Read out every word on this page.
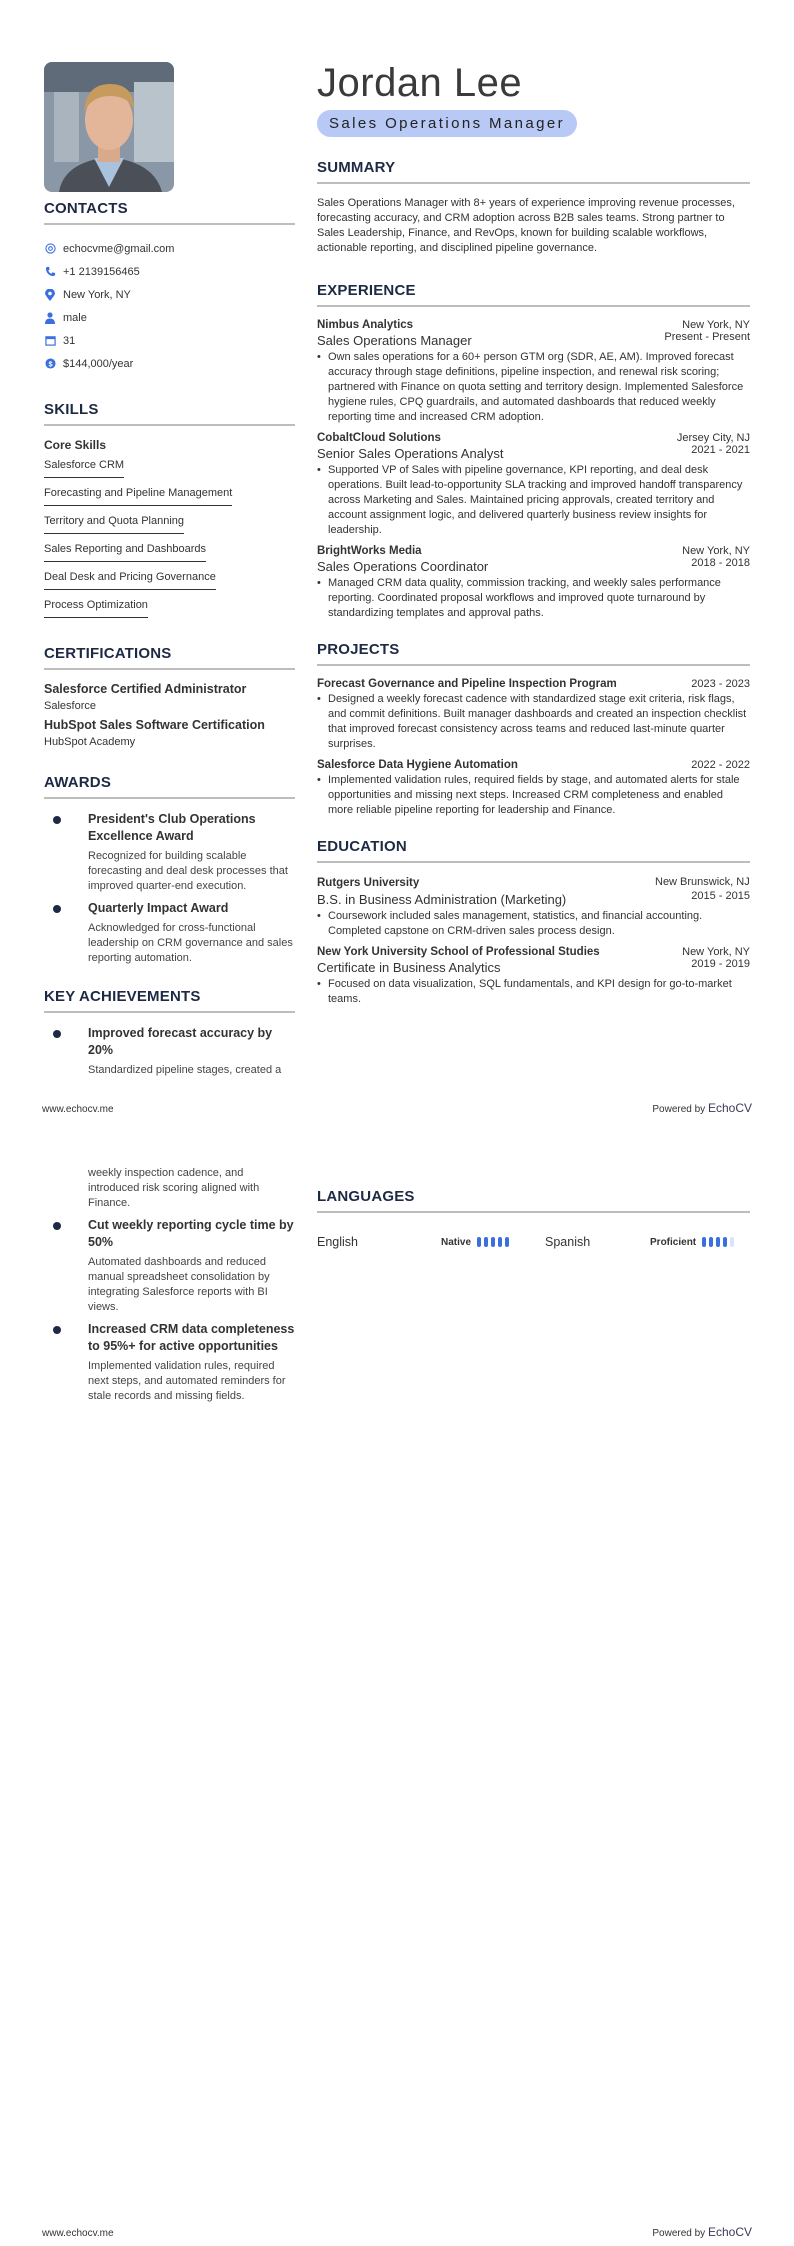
CONTACTS
echocvme@gmail.com
+1 2139156465
New York, NY
male
31
$ $144,000/year
SKILLS
Core Skills
Salesforce CRM
Forecasting and Pipeline Management
Territory and Quota Planning
Sales Reporting and Dashboards
Deal Desk and Pricing Governance
Process Optimization
CERTIFICATIONS
Salesforce Certified Administrator
Salesforce
HubSpot Sales Software Certification
HubSpot Academy
AWARDS
President's Club Operations Excellence Award
Recognized for building scalable forecasting and deal desk processes that improved quarter-end execution.
Quarterly Impact Award
Acknowledged for cross-functional leadership on CRM governance and sales reporting automation.
KEY ACHIEVEMENTS
Improved forecast accuracy by 20%
Standardized pipeline stages, created a
Jordan Lee
Sales Operations Manager
SUMMARY
Sales Operations Manager with 8+ years of experience improving revenue processes, forecasting accuracy, and CRM adoption across B2B sales teams. Strong partner to Sales Leadership, Finance, and RevOps, known for building scalable workflows, actionable reporting, and disciplined pipeline governance.
EXPERIENCE
Nimbus Analytics	New York, NY
Sales Operations Manager	Present - Present
• Own sales operations for a 60+ person GTM org (SDR, AE, AM). Improved forecast accuracy through stage definitions, pipeline inspection, and renewal risk scoring; partnered with Finance on quota setting and territory design. Implemented Salesforce hygiene rules, CPQ guardrails, and automated dashboards that reduced weekly reporting time and increased CRM adoption.
CobaltCloud Solutions	Jersey City, NJ
Senior Sales Operations Analyst	2021 - 2021
• Supported VP of Sales with pipeline governance, KPI reporting, and deal desk operations. Built lead-to-opportunity SLA tracking and improved handoff transparency across Marketing and Sales. Maintained pricing approvals, created territory and account assignment logic, and delivered quarterly business review insights for leadership.
BrightWorks Media	New York, NY
Sales Operations Coordinator	2018 - 2018
• Managed CRM data quality, commission tracking, and weekly sales performance reporting. Coordinated proposal workflows and improved quote turnaround by standardizing templates and approval paths.
PROJECTS
Forecast Governance and Pipeline Inspection Program	2023 - 2023
• Designed a weekly forecast cadence with standardized stage exit criteria, risk flags, and commit definitions. Built manager dashboards and created an inspection checklist that improved forecast consistency across teams and reduced last-minute quarter surprises.
Salesforce Data Hygiene Automation	2022 - 2022
• Implemented validation rules, required fields by stage, and automated alerts for stale opportunities and missing next steps. Increased CRM completeness and enabled more reliable pipeline reporting for leadership and Finance.
EDUCATION
Rutgers University	New Brunswick, NJ
B.S. in Business Administration (Marketing)	2015 - 2015
• Coursework included sales management, statistics, and financial accounting. Completed capstone on CRM-driven sales process design.
New York University School of Professional Studies	New York, NY
Certificate in Business Analytics	2019 - 2019
• Focused on data visualization, SQL fundamentals, and KPI design for go-to-market teams.
www.echocv.me	Powered by EchoCV
weekly inspection cadence, and introduced risk scoring aligned with Finance.
Cut weekly reporting cycle time by 50%
Automated dashboards and reduced manual spreadsheet consolidation by integrating Salesforce reports with BI views.
Increased CRM data completeness to 95%+ for active opportunities
Implemented validation rules, required next steps, and automated reminders for stale records and missing fields.
LANGUAGES
English	Native	Spanish	Proficient
www.echocv.me	Powered by EchoCV
